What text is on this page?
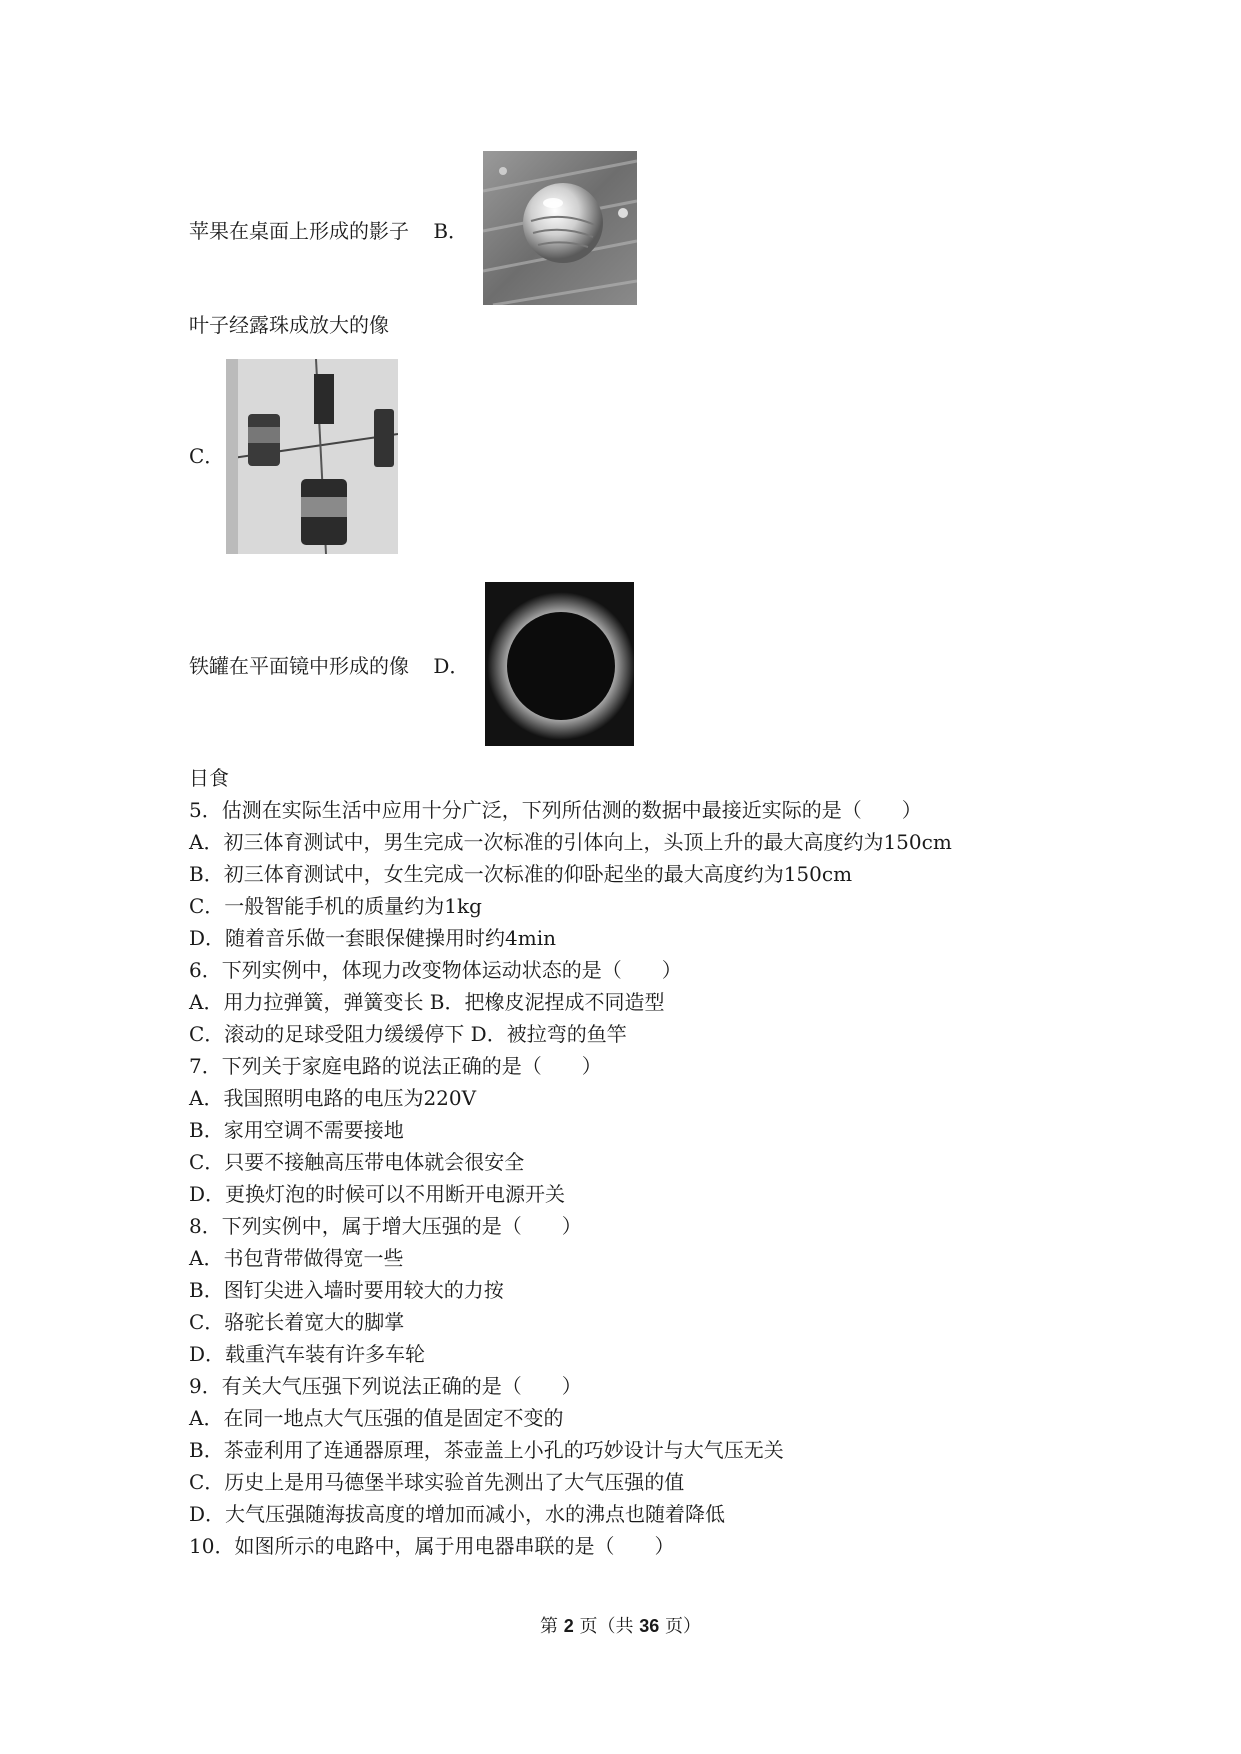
苹果在桌面上形成的影子 B．
叶子经露珠成放大的像
C．
铁罐在平面镜中形成的像 D．
日食
5．估测在实际生活中应用十分广泛，下列所估测的数据中最接近实际的是（　　）
A．初三体育测试中，男生完成一次标准的引体向上，头顶上升的最大高度约为150cm
B．初三体育测试中，女生完成一次标准的仰卧起坐的最大高度约为150cm
C．一般智能手机的质量约为1kg
D．随着音乐做一套眼保健操用时约4min
6．下列实例中，体现力改变物体运动状态的是（　　）
A．用力拉弹簧，弹簧变长 B．把橡皮泥捏成不同造型
C．滚动的足球受阻力缓缓停下 D．被拉弯的鱼竿
7．下列关于家庭电路的说法正确的是（　　）
A．我国照明电路的电压为220V
B．家用空调不需要接地
C．只要不接触高压带电体就会很安全
D．更换灯泡的时候可以不用断开电源开关
8．下列实例中，属于增大压强的是（　　）
A．书包背带做得宽一些
B．图钉尖进入墙时要用较大的力按
C．骆驼长着宽大的脚掌
D．载重汽车装有许多车轮
9．有关大气压强下列说法正确的是（　　）
A．在同一地点大气压强的值是固定不变的
B．茶壶利用了连通器原理，茶壶盖上小孔的巧妙设计与大气压无关
C．历史上是用马德堡半球实验首先测出了大气压强的值
D．大气压强随海拔高度的增加而减小，水的沸点也随着降低
10．如图所示的电路中，属于用电器串联的是（　　）
第 2 页（共 36 页）
